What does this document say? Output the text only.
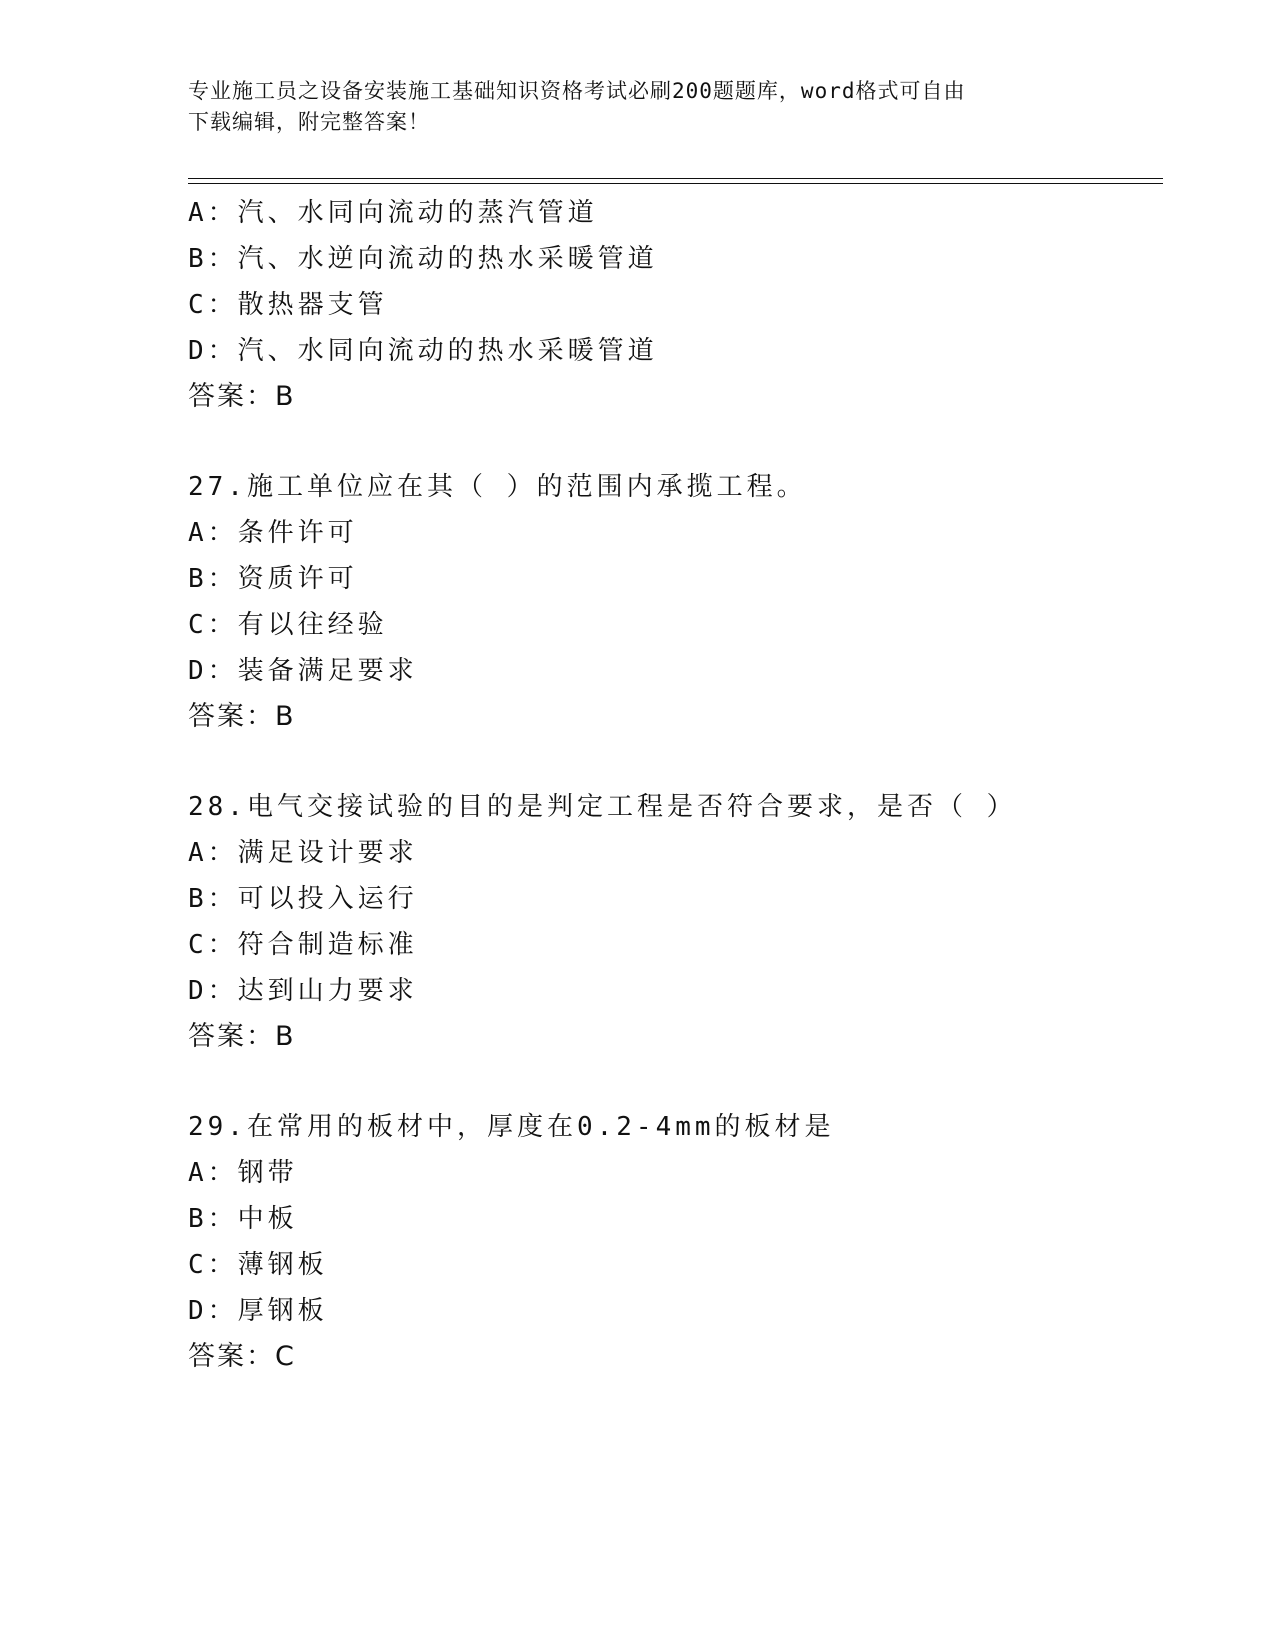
专业施工员之设备安装施工基础知识资格考试必刷200题题库，word格式可自由
下载编辑，附完整答案！
A：汽、水同向流动的蒸汽管道
B：汽、水逆向流动的热水采暖管道
C：散热器支管
D：汽、水同向流动的热水采暖管道
答案：B
27.施工单位应在其（ ）的范围内承揽工程。
A：条件许可
B：资质许可
C：有以往经验
D：装备满足要求
答案：B
28.电气交接试验的目的是判定工程是否符合要求，是否（ ）
A：满足设计要求
B：可以投入运行
C：符合制造标准
D：达到山力要求
答案：B
29.在常用的板材中，厚度在0.2-4mm的板材是
A：钢带
B：中板
C：薄钢板
D：厚钢板
答案：C
